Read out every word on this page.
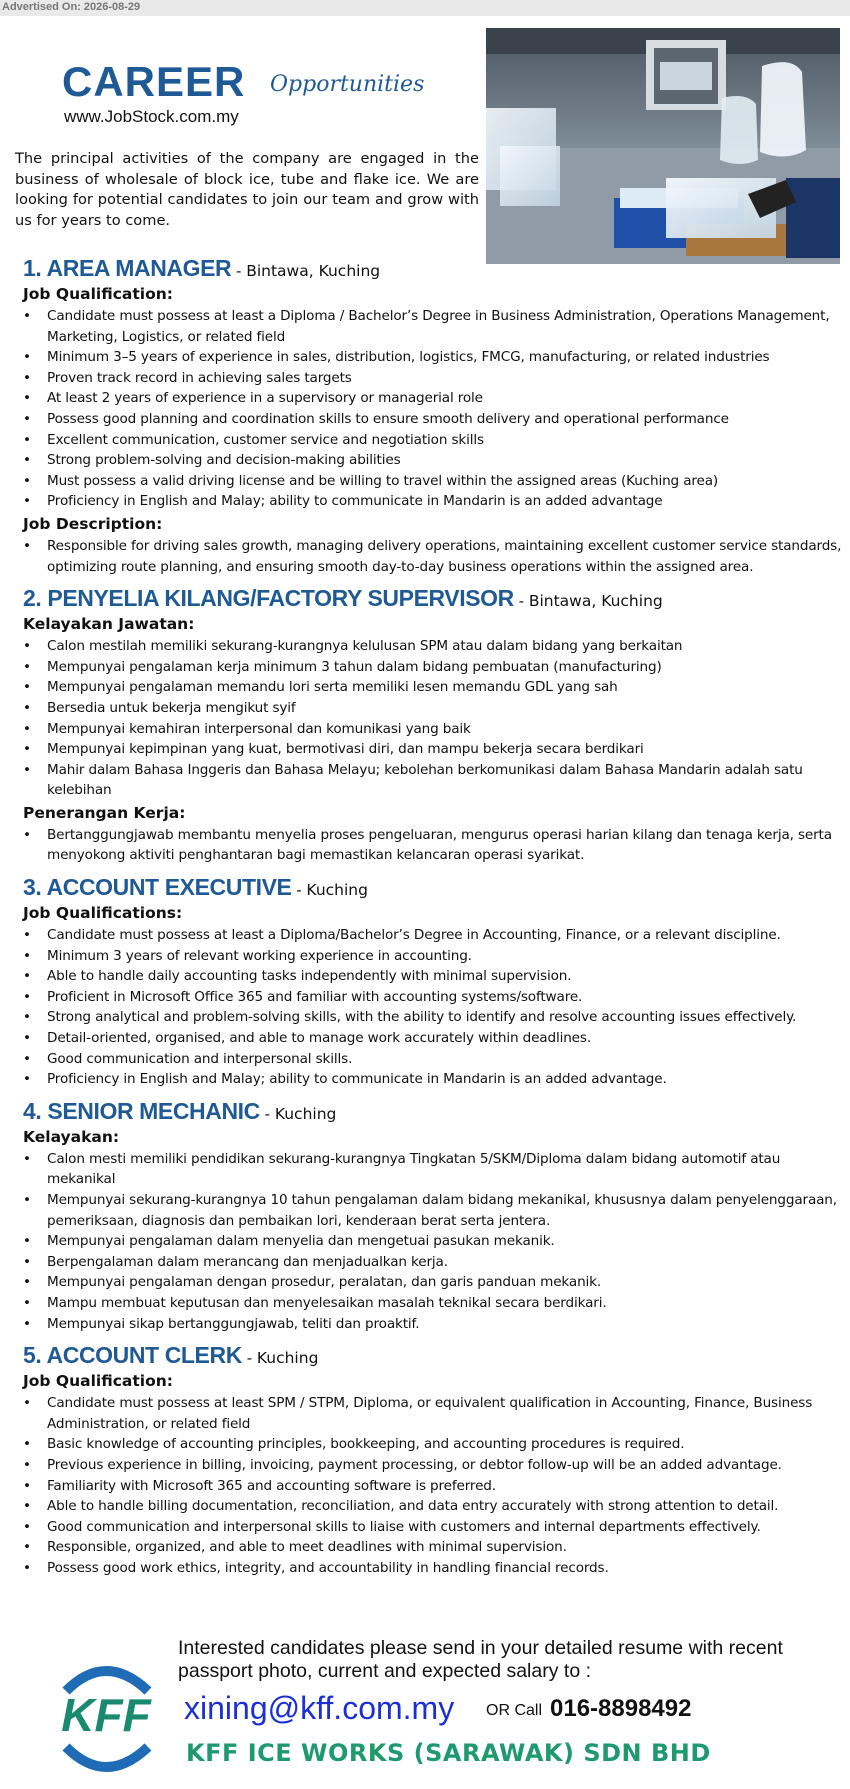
Advertised On: 2026-08-29
CAREER Opportunities
www.JobStock.com.my
The principal activities of the company are engaged in the business of wholesale of block ice, tube and flake ice. We are looking for potential candidates to join our team and grow with us for years to come.
1. AREA MANAGER - Bintawa, Kuching
Job Qualification:
• Candidate must possess at least a Diploma / Bachelor’s Degree in Business Administration, Operations Management, Marketing, Logistics, or related field
• Minimum 3–5 years of experience in sales, distribution, logistics, FMCG, manufacturing, or related industries
• Proven track record in achieving sales targets
• At least 2 years of experience in a supervisory or managerial role
• Possess good planning and coordination skills to ensure smooth delivery and operational performance
• Excellent communication, customer service and negotiation skills
• Strong problem-solving and decision-making abilities
• Must possess a valid driving license and be willing to travel within the assigned areas (Kuching area)
• Proficiency in English and Malay; ability to communicate in Mandarin is an added advantage
Job Description:
• Responsible for driving sales growth, managing delivery operations, maintaining excellent customer service standards, optimizing route planning, and ensuring smooth day-to-day business operations within the assigned area.
2. PENYELIA KILANG/FACTORY SUPERVISOR - Bintawa, Kuching
Kelayakan Jawatan:
• Calon mestilah memiliki sekurang-kurangnya kelulusan SPM atau dalam bidang yang berkaitan
• Mempunyai pengalaman kerja minimum 3 tahun dalam bidang pembuatan (manufacturing)
• Mempunyai pengalaman memandu lori serta memiliki lesen memandu GDL yang sah
• Bersedia untuk bekerja mengikut syif
• Mempunyai kemahiran interpersonal dan komunikasi yang baik
• Mempunyai kepimpinan yang kuat, bermotivasi diri, dan mampu bekerja secara berdikari
• Mahir dalam Bahasa Inggeris dan Bahasa Melayu; kebolehan berkomunikasi dalam Bahasa Mandarin adalah satu kelebihan
Penerangan Kerja:
• Bertanggungjawab membantu menyelia proses pengeluaran, mengurus operasi harian kilang dan tenaga kerja, serta menyokong aktiviti penghantaran bagi memastikan kelancaran operasi syarikat.
3. ACCOUNT EXECUTIVE - Kuching
Job Qualifications:
• Candidate must possess at least a Diploma/Bachelor’s Degree in Accounting, Finance, or a relevant discipline.
• Minimum 3 years of relevant working experience in accounting.
• Able to handle daily accounting tasks independently with minimal supervision.
• Proficient in Microsoft Office 365 and familiar with accounting systems/software.
• Strong analytical and problem-solving skills, with the ability to identify and resolve accounting issues effectively.
• Detail-oriented, organised, and able to manage work accurately within deadlines.
• Good communication and interpersonal skills.
• Proficiency in English and Malay; ability to communicate in Mandarin is an added advantage.
4. SENIOR MECHANIC - Kuching
Kelayakan:
• Calon mesti memiliki pendidikan sekurang-kurangnya Tingkatan 5/SKM/Diploma dalam bidang automotif atau mekanikal
• Mempunyai sekurang-kurangnya 10 tahun pengalaman dalam bidang mekanikal, khususnya dalam penyelenggaraan, pemeriksaan, diagnosis dan pembaikan lori, kenderaan berat serta jentera.
• Mempunyai pengalaman dalam menyelia dan mengetuai pasukan mekanik.
• Berpengalaman dalam merancang dan menjadualkan kerja.
• Mempunyai pengalaman dengan prosedur, peralatan, dan garis panduan mekanik.
• Mampu membuat keputusan dan menyelesaikan masalah teknikal secara berdikari.
• Mempunyai sikap bertanggungjawab, teliti dan proaktif.
5. ACCOUNT CLERK - Kuching
Job Qualification:
• Candidate must possess at least SPM / STPM, Diploma, or equivalent qualification in Accounting, Finance, Business Administration, or related field
• Basic knowledge of accounting principles, bookkeeping, and accounting procedures is required.
• Previous experience in billing, invoicing, payment processing, or debtor follow-up will be an added advantage.
• Familiarity with Microsoft 365 and accounting software is preferred.
• Able to handle billing documentation, reconciliation, and data entry accurately with strong attention to detail.
• Good communication and interpersonal skills to liaise with customers and internal departments effectively.
• Responsible, organized, and able to meet deadlines with minimal supervision.
• Possess good work ethics, integrity, and accountability in handling financial records.
KFF
Interested candidates please send in your detailed resume with recent passport photo, current and expected salary to :
xining@kff.com.my OR Call 016-8898492
KFF ICE WORKS (SARAWAK) SDN BHD
